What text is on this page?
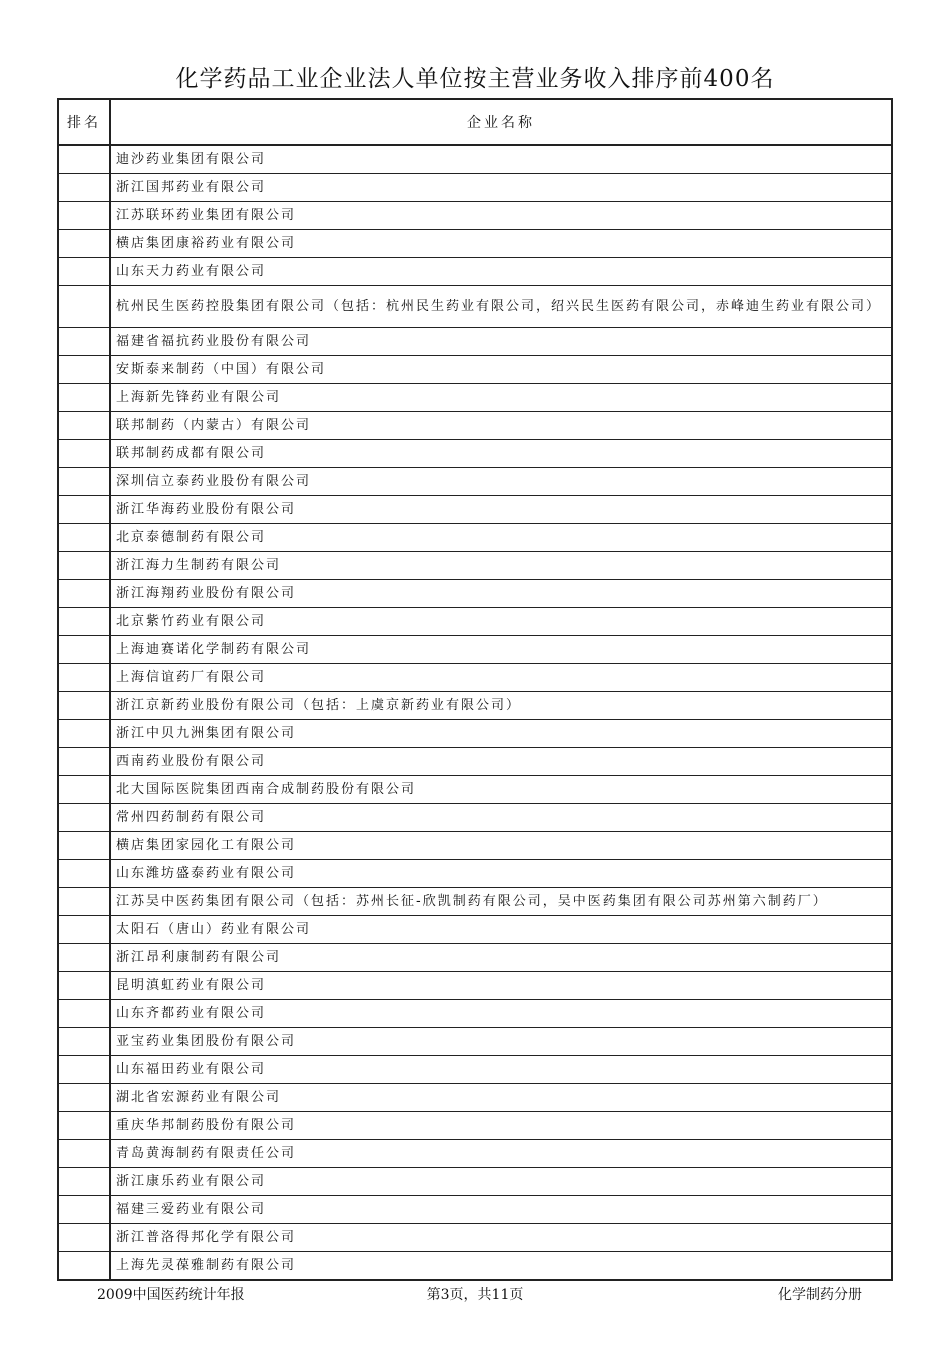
化学药品工业企业法人单位按主营业务收入排序前400名
排名	企业名称
	迪沙药业集团有限公司
	浙江国邦药业有限公司
	江苏联环药业集团有限公司
	横店集团康裕药业有限公司
	山东天力药业有限公司
	杭州民生医药控股集团有限公司（包括：杭州民生药业有限公司，绍兴民生医药有限公司，赤峰迪生药业有限公司）
	福建省福抗药业股份有限公司
	安斯泰来制药（中国）有限公司
	上海新先锋药业有限公司
	联邦制药（内蒙古）有限公司
	联邦制药成都有限公司
	深圳信立泰药业股份有限公司
	浙江华海药业股份有限公司
	北京泰德制药有限公司
	浙江海力生制药有限公司
	浙江海翔药业股份有限公司
	北京紫竹药业有限公司
	上海迪赛诺化学制药有限公司
	上海信谊药厂有限公司
	浙江京新药业股份有限公司（包括：上虞京新药业有限公司）
	浙江中贝九洲集团有限公司
	西南药业股份有限公司
	北大国际医院集团西南合成制药股份有限公司
	常州四药制药有限公司
	横店集团家园化工有限公司
	山东潍坊盛泰药业有限公司
	江苏吴中医药集团有限公司（包括：苏州长征-欣凯制药有限公司，吴中医药集团有限公司苏州第六制药厂）
	太阳石（唐山）药业有限公司
	浙江昂利康制药有限公司
	昆明滇虹药业有限公司
	山东齐都药业有限公司
	亚宝药业集团股份有限公司
	山东福田药业有限公司
	湖北省宏源药业有限公司
	重庆华邦制药股份有限公司
	青岛黄海制药有限责任公司
	浙江康乐药业有限公司
	福建三爱药业有限公司
	浙江普洛得邦化学有限公司
	上海先灵葆雅制药有限公司
2009中国医药统计年报	第3页，共11页	化学制药分册
